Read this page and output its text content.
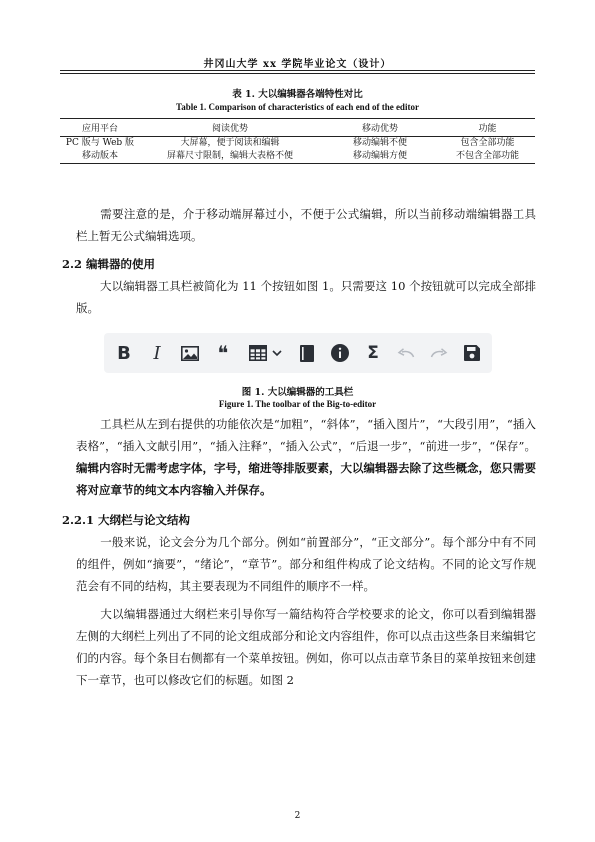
井冈山大学 xx 学院毕业论文（设计）
表 1. 大以编辑器各端特性对比
Table 1. Comparison of characteristics of each end of the editor
应用平台	阅读优势	移动优势	功能
PC 版与 Web 版	大屏幕，便于阅读和编辑	移动编辑不便	包含全部功能
移动版本	屏幕尺寸限制，编辑大表格不便	移动编辑方便	不包含全部功能
需要注意的是，介于移动端屏幕过小，不便于公式编辑，所以当前移动端编辑器工具栏上暂无公式编辑选项。
2.2 编辑器的使用
大以编辑器工具栏被简化为 11 个按钮如图 1。只需要这 10 个按钮就可以完成全部排版。
B I	❝	Σ
图 1. 大以编辑器的工具栏
Figure 1. The toolbar of the Big-to-editor
工具栏从左到右提供的功能依次是“加粗”，“斜体”，“插入图片”，“大段引用”，“插入表格”，“插入文献引用”，“插入注释”，“插入公式”，“后退一步”，“前进一步”，“保存”。编辑内容时无需考虑字体，字号，缩进等排版要素，大以编辑器去除了这些概念，您只需要将对应章节的纯文本内容输入并保存。
2.2.1 大纲栏与论文结构
一般来说，论文会分为几个部分。例如“前置部分”，“正文部分”。每个部分中有不同的组件，例如“摘要”，“绪论”，“章节”。部分和组件构成了论文结构。不同的论文写作规范会有不同的结构，其主要表现为不同组件的顺序不一样。
大以编辑器通过大纲栏来引导你写一篇结构符合学校要求的论文，你可以看到编辑器左侧的大纲栏上列出了不同的论文组成部分和论文内容组件，你可以点击这些条目来编辑它们的内容。每个条目右侧都有一个菜单按钮。例如，你可以点击章节条目的菜单按钮来创建下一章节，也可以修改它们的标题。如图 2
2
